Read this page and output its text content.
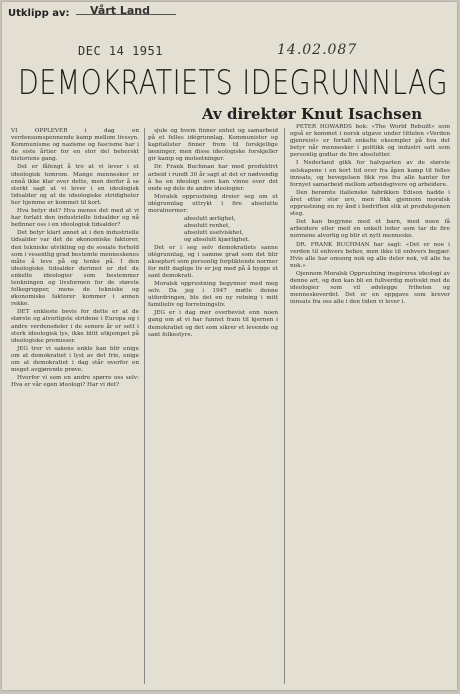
Utklipp av: Vårt Land
DEC 14 1951	14.02.087
DEMOKRATIETS IDEGRUNNLAG
Av direktør Knut Isachsen

VI OPPLEVER i dag en verdensomspennende kamp mellom livssyn. Kommunisme og nazisme og fascisme har i de siste årtier for en stor del beherskt historiens gang.

Det er fåfengt å tro at vi lever i et ideologisk tomrom. Mange mennesker er ennå ikke klar over dette, men derfor å se sterkt sagt at vi lever i en ideologisk tidsalder og at de ideologiske stridigheter her hjemme er kommet til kort.

Hva betyr det? Hva menes det med at vi har forlatt den industrielle tidsalder og nå befinner oss i en ideologisk tidsalder?

Det betyr klart annet at i den industrielle tidsalder var det de økonomiske faktorer, den tekniske utvikling og de sosiale forhold som i vesentlig grad bestemte menneskenes måte å leve på og tenke på. I den ideologiske tidsalder derimot er det de enkelte ideologier som bestemmer tenkningen og livsformen for de største folkegrupper, mens de tekniske og økonomiske faktorer kommer i annen rekke.

DET enkleste bevis for dette er at de største og alvorligste stridene i Europa og i andre verdensdeler i de senere år er sett i sterk ideologisk lys, ikke blitt utkjempet på ideologiske premisser.

JEG tror vi sakens enkle kan blir enige om at demokratiet i lyst av det frie, enige om at demokratiet i dag står overfor en meget avgjørende prøve.

Hvorfor vi som en andre spørre oss selv: Hva er vår egen ideologi? Har vi det?

sjule og hvem finner enhet og samarbeid på et felles idégrunnlag. Kommunister og kapitalister finner frem til forskjellige løsninger, men disse ideologiske forskjeller gir kamp og motsetninger.

Dr. Frank Buchman har med produktivt arbeid i rundt 30 år sagt at det er nødvendig å ha en ideologi som kan vinne over det onde og dele de andre ideologier.

Moralsk opprustning dreier seg om et idégrunnlag uttrykt i fire absolutte moralnormer:

absolutt ærlighet,

absolutt renhet,

absolutt uselviskhet,

og absolutt kjærlighet.

Det er i seg selv demokratiets sanne idégrunnlag, og i samme grad som det blir akseptert som personlig forpliktende normer for mitt daglige liv er jeg med på å bygge et sant demokrati.

Moralsk opprustning begynner med meg selv. Da jeg i 1947 møtte denne utfordringen, ble det en ny retning i mitt familieliv og forretningsliv.

JEG er i dag mer overbevist enn noen gang om at vi har funnet fram til kjernen i demokratiet og det som sikrer et levende og sant folkestyre.

PETER HOWARDS bok: «The World Rebuilt» som også er kommet i norsk utgave under tittelen «Verden gjenreist» er fortalt enkelte eksempler på hva det betyr når mennesker i politikk og industri satt som personlig godtar de fire absolutter.

I Nederland gikk for halvparten av de største selskapene i en kort tid over fra åpen kamp til felles innsats, og bevegelsen fikk ros fra alle kanter for fornyet samarbeid mellom arbeidsgivere og arbeidere.

Den berømte italienske fabrikken Edison hadde i året etter stor uro, men fikk gjennom moralsk opprustning en ny ånd i bedriften slik at produksjonen steg.

Det kan begynne med et barn, med noen få arbeidere eller med en enkelt leder som tar de fire normene alvorlig og blir et nytt menneske.

DR. FRANK BUCHMAN har sagt: «Det er noe i verden til enhvers behov, men ikke til enhvers begjær. Hvis alle har omsorg nok og alle deler nok, vil alle ha nok.»

Ojennom Moralsk Opprustning inspireres ideologi av denne art, og den kan bli en fullverdig motvekt mot de ideologier som vil ødelegge friheten og menneskeverdet. Det er en oppgave som krever innsats fra oss alle i den tiden vi lever i.
